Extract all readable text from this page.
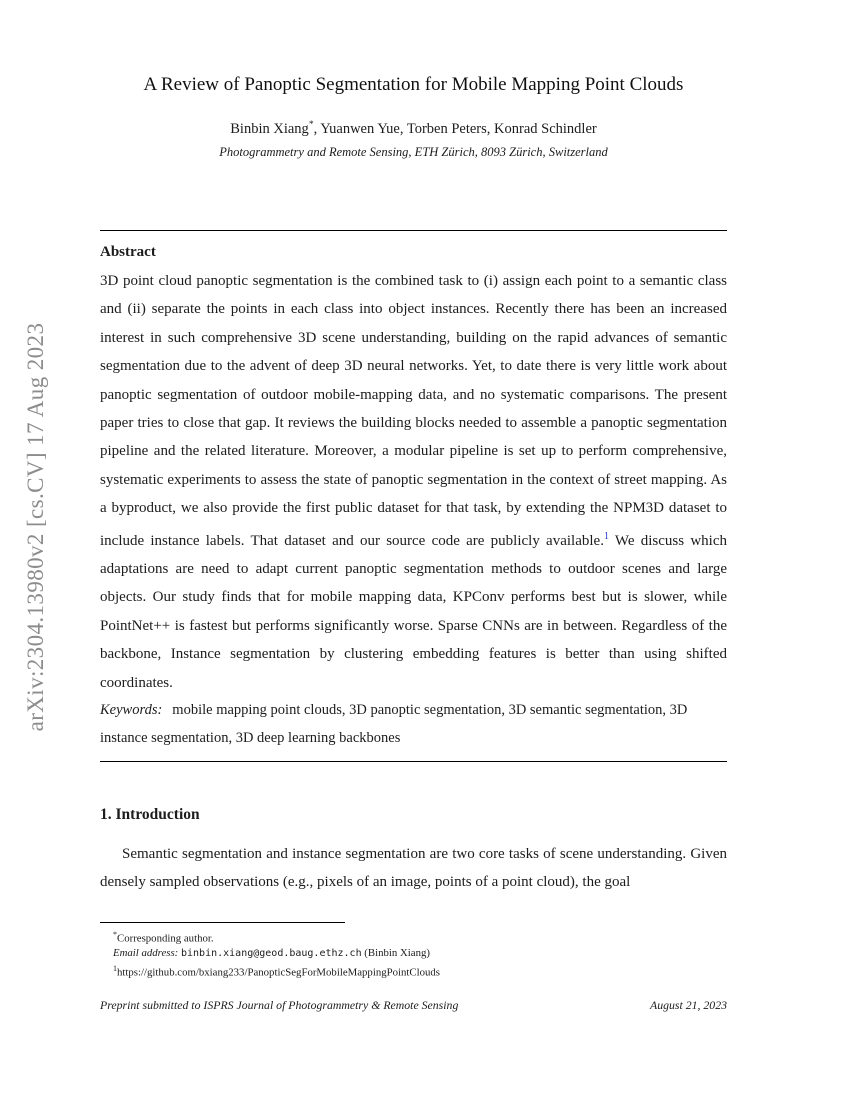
arXiv:2304.13980v2 [cs.CV] 17 Aug 2023
A Review of Panoptic Segmentation for Mobile Mapping Point Clouds
Binbin Xiang*, Yuanwen Yue, Torben Peters, Konrad Schindler
Photogrammetry and Remote Sensing, ETH Zürich, 8093 Zürich, Switzerland
Abstract

3D point cloud panoptic segmentation is the combined task to (i) assign each point to a semantic class and (ii) separate the points in each class into object instances. Recently there has been an increased interest in such comprehensive 3D scene understanding, building on the rapid advances of semantic segmentation due to the advent of deep 3D neural networks. Yet, to date there is very little work about panoptic segmentation of outdoor mobile-mapping data, and no systematic comparisons. The present paper tries to close that gap. It reviews the building blocks needed to assemble a panoptic segmentation pipeline and the related literature. Moreover, a modular pipeline is set up to perform comprehensive, systematic experiments to assess the state of panoptic segmentation in the context of street mapping. As a byproduct, we also provide the first public dataset for that task, by extending the NPM3D dataset to include instance labels. That dataset and our source code are publicly available.$^1$ We discuss which adaptations are need to adapt current panoptic segmentation methods to outdoor scenes and large objects. Our study finds that for mobile mapping data, KPConv performs best but is slower, while PointNet++ is fastest but performs significantly worse. Sparse CNNs are in between. Regardless of the backbone, Instance segmentation by clustering embedding features is better than using shifted coordinates.

Keywords: mobile mapping point clouds, 3D panoptic segmentation, 3D semantic segmentation, 3D instance segmentation, 3D deep learning backbones

1. Introduction

Semantic segmentation and instance segmentation are two core tasks of scene understanding. Given densely sampled observations (e.g., pixels of an image, points of a point cloud), the goal

*Corresponding author.
Email address: binbin.xiang@geod.baug.ethz.ch (Binbin Xiang)
$^1$https://github.com/bxiang233/PanopticSegForMobileMappingPointClouds
Preprint submitted to ISPRS Journal of Photogrammetry & Remote Sensing	August 21, 2023
